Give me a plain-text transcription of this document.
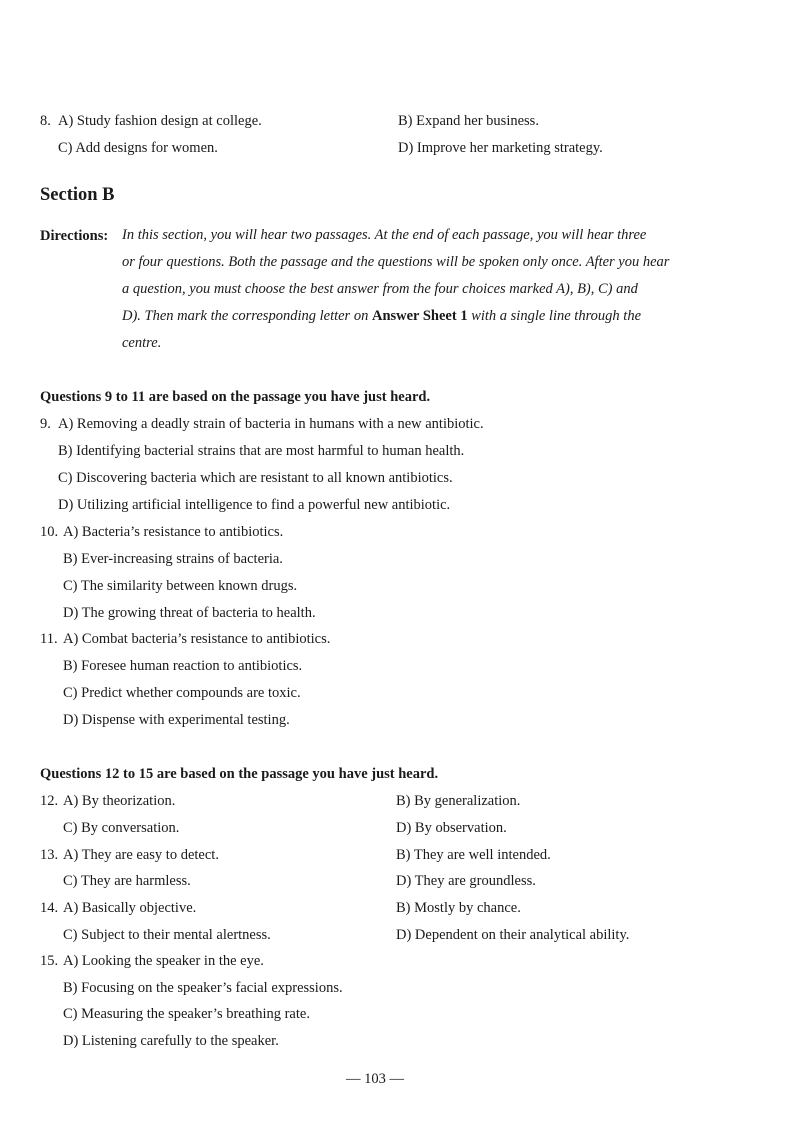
8. A) Study fashion design at college.	B) Expand her business.
C) Add designs for women.	D) Improve her marketing strategy.
Section B
Directions: In this section, you will hear two passages. At the end of each passage, you will hear three
or four questions. Both the passage and the questions will be spoken only once. After you hear
a question, you must choose the best answer from the four choices marked A), B), C) and
D). Then mark the corresponding letter on Answer Sheet 1 with a single line through the
centre.
Questions 9 to 11 are based on the passage you have just heard.
9. A) Removing a deadly strain of bacteria in humans with a new antibiotic.
B) Identifying bacterial strains that are most harmful to human health.
C) Discovering bacteria which are resistant to all known antibiotics.
D) Utilizing artificial intelligence to find a powerful new antibiotic.
10. A) Bacteria’s resistance to antibiotics.
B) Ever-increasing strains of bacteria.
C) The similarity between known drugs.
D) The growing threat of bacteria to health.
11. A) Combat bacteria’s resistance to antibiotics.
B) Foresee human reaction to antibiotics.
C) Predict whether compounds are toxic.
D) Dispense with experimental testing.
Questions 12 to 15 are based on the passage you have just heard.
12. A) By theorization.	B) By generalization.
C) By conversation.	D) By observation.
13. A) They are easy to detect.	B) They are well intended.
C) They are harmless.	D) They are groundless.
14. A) Basically objective.	B) Mostly by chance.
C) Subject to their mental alertness.	D) Dependent on their analytical ability.
15. A) Looking the speaker in the eye.
B) Focusing on the speaker’s facial expressions.
C) Measuring the speaker’s breathing rate.
D) Listening carefully to the speaker.
— 103 —
